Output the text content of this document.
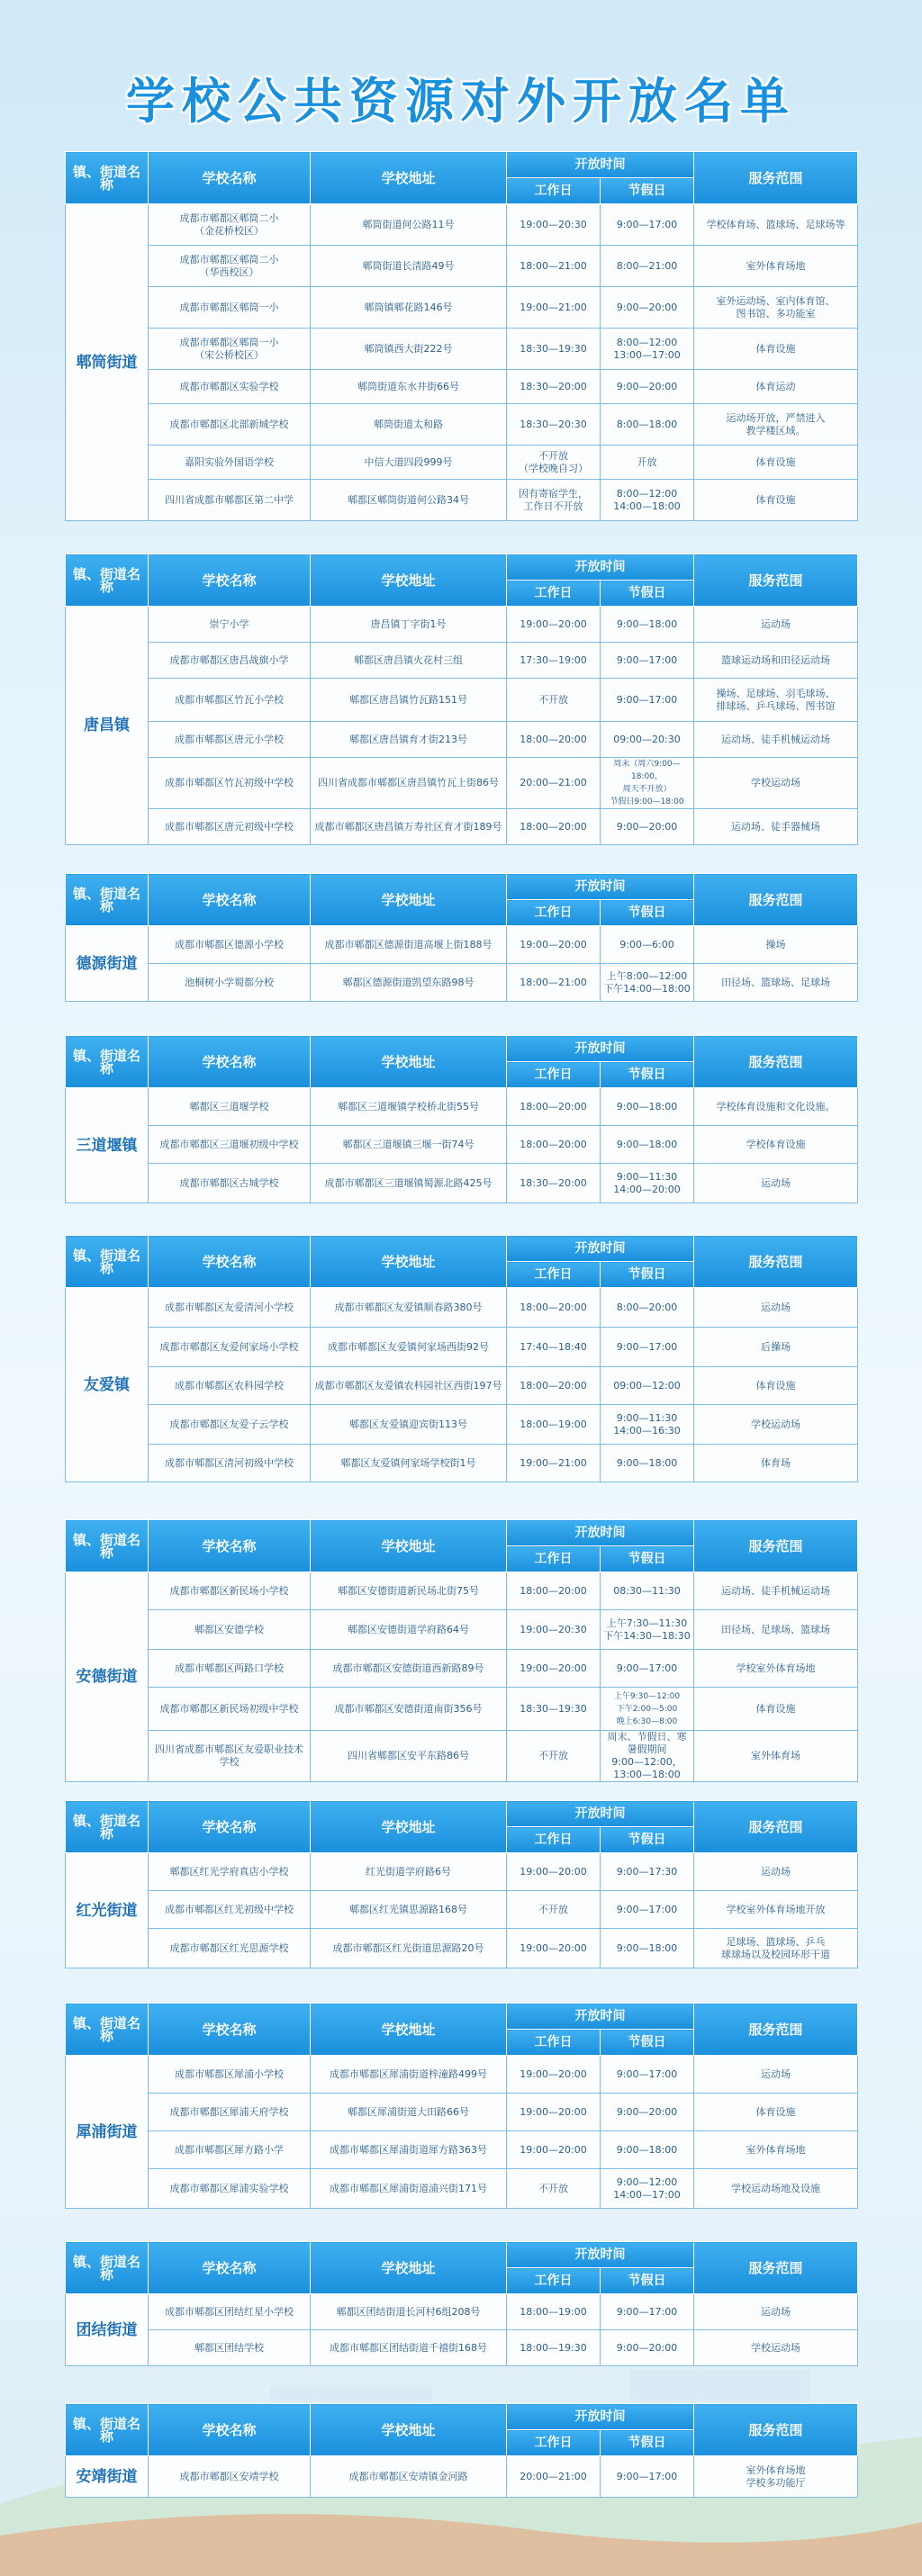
学校公共资源对外开放名单
镇、街道名称	学校名称	学校地址	开放时间		服务范围
			工作日	节假日	
郫筒街道	成都市郫都区郫筒二小
（金花桥校区）	郫筒街道何公路11号	19:00—20:30	9:00—17:00	学校体育场、篮球场、足球场等
	成都市郫都区郫筒二小
（华西校区）	郫筒街道长清路49号	18:00—21:00	8:00—21:00	室外体育场地
	成都市郫都区郫筒一小	郫筒镇郫花路146号	19:00—21:00	9:00—20:00	室外运动场、室内体育馆、
图书馆、多功能室
	成都市郫都区郫筒一小
（宋公桥校区）	郫筒镇西大街222号	18:30—19:30	8:00—12:00
13:00—17:00	体育设施
	成都市郫都区实验学校	郫筒街道东水井街66号	18:30—20:00	9:00—20:00	体育运动
	成都市郫都区北部新城学校	郫筒街道太和路	18:30—20:30	8:00—18:00	运动场开放，严禁进入
教学楼区域。
	嘉阳实验外国语学校	中信大道四段999号	不开放
（学校晚自习）	开放	体育设施
	四川省成都市郫都区第二中学	郫都区郫筒街道何公路34号	因有寄宿学生，
工作日不开放	8:00—12:00
14:00—18:00	体育设施
镇、街道名称	学校名称	学校地址	开放时间		服务范围
			工作日	节假日	
唐昌镇	崇宁小学	唐昌镇丁字街1号	19:00—20:00	9:00—18:00	运动场
	成都市郫都区唐昌战旗小学	郫都区唐昌镇火花村三组	17:30—19:00	9:00—17:00	篮球运动场和田径运动场
	成都市郫都区竹瓦小学校	郫都区唐昌镇竹瓦路151号	不开放	9:00—17:00	操场、足球场、羽毛球场、
排球场、乒乓球场、图书馆
	成都市郫都区唐元小学校	郫都区唐昌镇育才街213号	18:00—20:00	09:00—20:30	运动场、徒手机械运动场
	成都市郫都区竹瓦初级中学校	四川省成都市郫都区唐昌镇竹瓦上街86号	20:00—21:00	周末（周六9:00—18:00，
周天不开放）
节假日9:00—18:00	学校运动场
	成都市郫都区唐元初级中学校	成都市郫都区唐昌镇万寿社区育才街189号	18:00—20:00	9:00—20:00	运动场、徒手器械场
镇、街道名称	学校名称	学校地址	开放时间		服务范围
			工作日	节假日	
德源街道	成都市郫都区德源小学校	成都市郫都区德源街道高堰上街188号	19:00—20:00	9:00—6:00	操场
	池桐树小学蜀都分校	郫都区德源街道凯望东路98号	18:00—21:00	上午8:00—12:00
下午14:00—18:00	田径场、篮球场、足球场
镇、街道名称	学校名称	学校地址	开放时间		服务范围
			工作日	节假日	
三道堰镇	郫都区三道堰学校	郫都区三道堰镇学校桥北街55号	18:00—20:00	9:00—18:00	学校体育设施和文化设施。
	成都市郫都区三道堰初级中学校	郫都区三道堰镇三堰一街74号	18:00—20:00	9:00—18:00	学校体育设施
	成都市郫都区古城学校	成都市郫都区三道堰镇蜀源北路425号	18:30—20:00	9:00—11:30
14:00—20:00	运动场
镇、街道名称	学校名称	学校地址	开放时间		服务范围
			工作日	节假日	
友爱镇	成都市郫都区友爱清河小学校	成都市郫都区友爱镇顺春路380号	18:00—20:00	8:00—20:00	运动场
	成都市郫都区友爱何家场小学校	成都市郫都区友爱镇何家场西街92号	17:40—18:40	9:00—17:00	后操场
	成都市郫都区农科园学校	成都市郫都区友爱镇农科园社区西街197号	18:00—20:00	09:00—12:00	体育设施
	成都市郫都区友爱子云学校	郫都区友爱镇迎宾街113号	18:00—19:00	9:00—11:30
14:00—16:30	学校运动场
	成都市郫都区清河初级中学校	郫都区友爱镇何家场学校街1号	19:00—21:00	9:00—18:00	体育场
镇、街道名称	学校名称	学校地址	开放时间		服务范围
			工作日	节假日	
安德街道	成都市郫都区新民场小学校	郫都区安德街道新民场北街75号	18:00—20:00	08:30—11:30	运动场、徒手机械运动场
	郫都区安德学校	郫都区安德街道学府路64号	19:00—20:30	上午7:30—11:30
下午14:30—18:30	田径场、足球场、篮球场
	成都市郫都区两路口学校	成都市郫都区安德街道西新路89号	19:00—20:00	9:00—17:00	学校室外体育场地
	成都市郫都区新民场初级中学校	成都市郫都区安德街道南街356号	18:30—19:30	上午9:30—12:00
下午2:00—5:00
晚上6:30—8:00	体育设施
	四川省成都市郫都区友爱职业技术学校	四川省郫都区安平东路86号	不开放	周末、节假日、寒暑假期间
9:00—12:00，13:00—18:00	室外体育场
镇、街道名称	学校名称	学校地址	开放时间		服务范围
			工作日	节假日	
红光街道	郫都区红光学府真店小学校	红光街道学府路6号	19:00—20:00	9:00—17:30	运动场
	成都市郫都区红光初级中学校	郫都区红光镇思源路168号	不开放	9:00—17:00	学校室外体育场地开放
	成都市郫都区红光思源学校	成都市郫都区红光街道思源路20号	19:00—20:00	9:00—18:00	足球场、篮球场、乒乓
球球场以及校园环形干道
镇、街道名称	学校名称	学校地址	开放时间		服务范围
			工作日	节假日	
犀浦街道	成都市郫都区犀浦小学校	成都市郫都区犀浦街道梓潼路499号	19:00—20:00	9:00—17:00	运动场
	成都市郫都区犀浦天府学校	郫都区犀浦街道大田路66号	19:00—20:00	9:00—20:00	体育设施
	成都市郫都区犀方路小学	成都市郫都区犀浦街道犀方路363号	19:00—20:00	9:00—18:00	室外体育场地
	成都市郫都区犀浦实验学校	成都市郫都区犀浦街道浦兴街171号	不开放	9:00—12:00
14:00—17:00	学校运动场地及设施
镇、街道名称	学校名称	学校地址	开放时间		服务范围
			工作日	节假日	
团结街道	成都市郫都区团结红星小学校	郫都区团结街道长河村6组208号	18:00—19:00	9:00—17:00	运动场
	郫都区团结学校	成都市郫都区团结街道千禧街168号	18:00—19:30	9:00—20:00	学校运动场
镇、街道名称	学校名称	学校地址	开放时间		服务范围
			工作日	节假日	
安靖街道	成都市郫都区安靖学校	成都市郫都区安靖镇金河路	20:00—21:00	9:00—17:00	室外体育场地
学校多功能厅
